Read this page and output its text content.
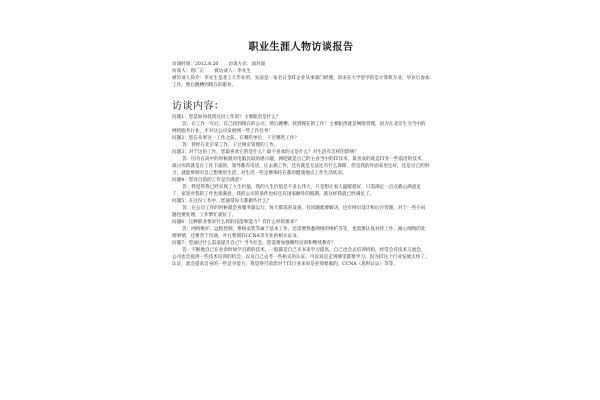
职业生涯人物访谈报告
访谈时间：2012.8.20 访谈方式：面对面
访谈人：周广正 被访谈人：李先生

被访谈人简介：李先生是北工大毕业的，先前是一家名日金IT企业从事部门经理，原来在大学里学的是计算机专业，毕业后参加工作，然后跳槽到现在的职业。

访谈内容：

问题1：您是如何找到这份工作的？主要职责是什么？

答：在工作一年后，自己找到现在的公司，然后跳槽，找到现在的工作！主要职责就是网络管理，因为在北京生为当中的网络服务行业，才对这公司发展网一些工作任务！

问题2：您在从事这一工作之前，在哪些单位，干过哪些工作？

答：曾经在北京拿工作，干过网页管理的工作。

问题3：对于这份工作，您最喜欢它的是什么？最不喜欢的又是什么？对生活有怎样的影响？

答：因为在高中的时候就对电脑比较的感兴趣，网吧就是自己的主食当中的IT技术，最喜欢的就是IT业一些前沿的技术，最讨厌的就是在工作下面的，领导都有电话，让去搞工作，还有就是无法还有什么保障，但是我的外面家里还好，还是自己的努力，就能够拥有自己想要的生活，对生活一些足够保持在都的健康地点工作生活状况。

问题4：您对目前的工作是否满意？

答：我觉得我已经实现了人生价值，我的人生价值是不多么伟大，只是想让家人温暖就好，只需满足一点点就心满意足了，家里对我的工作也很满意，我的公司的条件也好还有国家额外的假期，就这样我就已经满足了。

问题5：在这份工作中，您通常每天都做些什么？

答：在公司工作的时候就是看服务器运行，每天都巡查设备，有问题就要解决，还有网页设计和后台管理，对于一些小问题也要处理，工作繁忙就好了。

问题6：这种职业要求什么样的技能和能力？有什么样的要求？

答：网络维护，远程控制，系统安装等属于基本工作，还需要熟悉网络的维护等等，也需要认真对待工作，耐心细致的处理事情，还要善于沟通，并且要拥有CCNA等专业的相关证书。

问题7：您通过什么渠道提升自己？当今社会，您需要加强哪些培训和继续教育？

答：不断地自己在业余时间学习新的技术，一般都是自己买书来学习提高，自己也会去培训机构，经常会有技术交流会，公司也会提供一些技术培训的机会，以及自己去考一些相关的认证，可以说是走到哪里都要学习，因为IT这个行业发展太快了。

认证，就会提高自身的一些竞争能力，我觉得目前您对于IT行业来说是必须要做的，CCNA（思科认证）等等。
